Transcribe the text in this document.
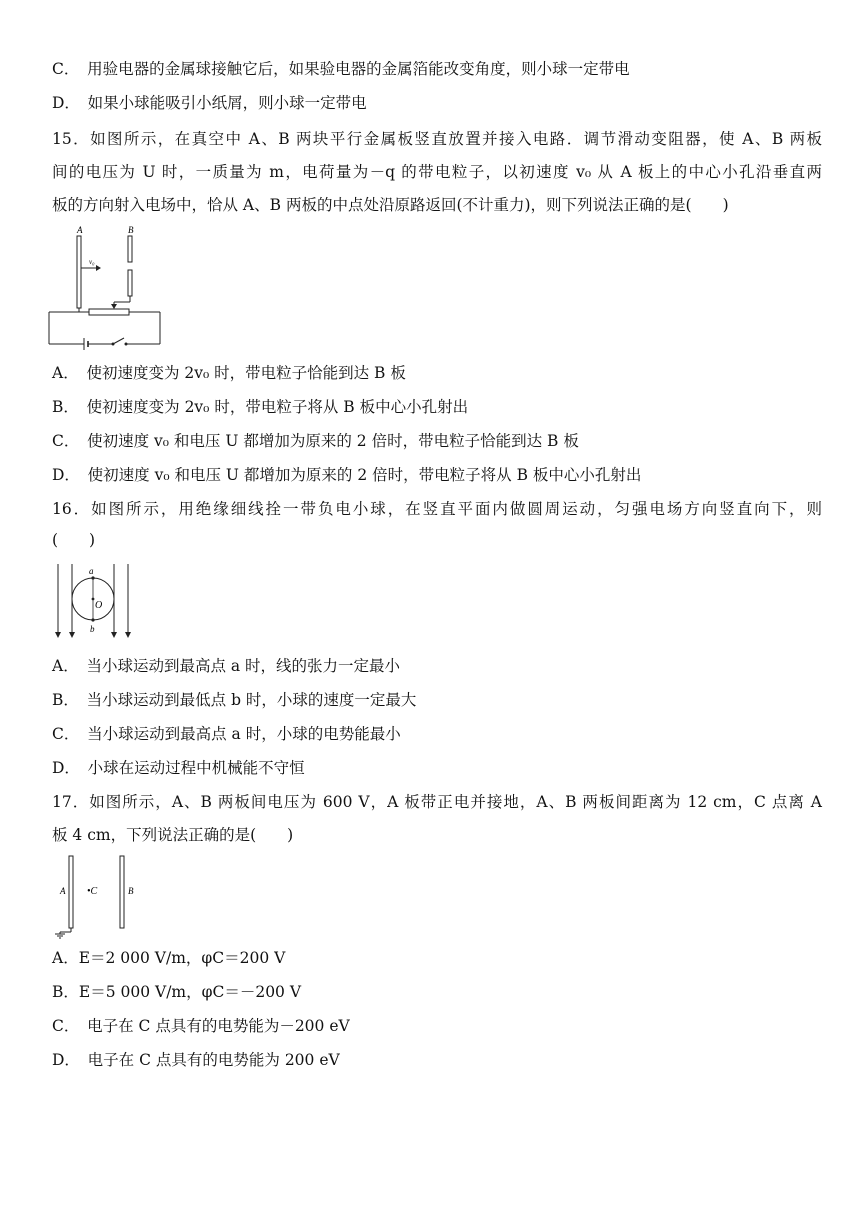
C．　用验电器的金属球接触它后，如果验电器的金属箔能改变角度，则小球一定带电
D．　如果小球能吸引小纸屑，则小球一定带电
15．如图所示，在真空中 A、B 两块平行金属板竖直放置并接入电路．调节滑动变阻器，使 A、B 两板
间的电压为 U 时，一质量为 m，电荷量为－q 的带电粒子，以初速度 v₀ 从 A 板上的中心小孔沿垂直两
板的方向射入电场中，恰从 A、B 两板的中点处沿原路返回(不计重力)，则下列说法正确的是(　　)
A	B
v₀
A．　使初速度变为 2v₀ 时，带电粒子恰能到达 B 板
B．　使初速度变为 2v₀ 时，带电粒子将从 B 板中心小孔射出
C．　使初速度 v₀ 和电压 U 都增加为原来的 2 倍时，带电粒子恰能到达 B 板
D．　使初速度 v₀ 和电压 U 都增加为原来的 2 倍时，带电粒子将从 B 板中心小孔射出
16．如图所示，用绝缘细线拴一带负电小球，在竖直平面内做圆周运动，匀强电场方向竖直向下，则
(　　)
a
O
b
A．　当小球运动到最高点 a 时，线的张力一定最小
B．　当小球运动到最低点 b 时，小球的速度一定最大
C．　当小球运动到最高点 a 时，小球的电势能最小
D．　小球在运动过程中机械能不守恒
17．如图所示，A、B 两板间电压为 600 V，A 板带正电并接地，A、B 两板间距离为 12 cm，C 点离 A
板 4 cm，下列说法正确的是(　　)
A •C	B
A．E＝2 000 V/m，φC＝200 V
B．E＝5 000 V/m，φC＝－200 V
C．　电子在 C 点具有的电势能为－200 eV
D．　电子在 C 点具有的电势能为 200 eV
